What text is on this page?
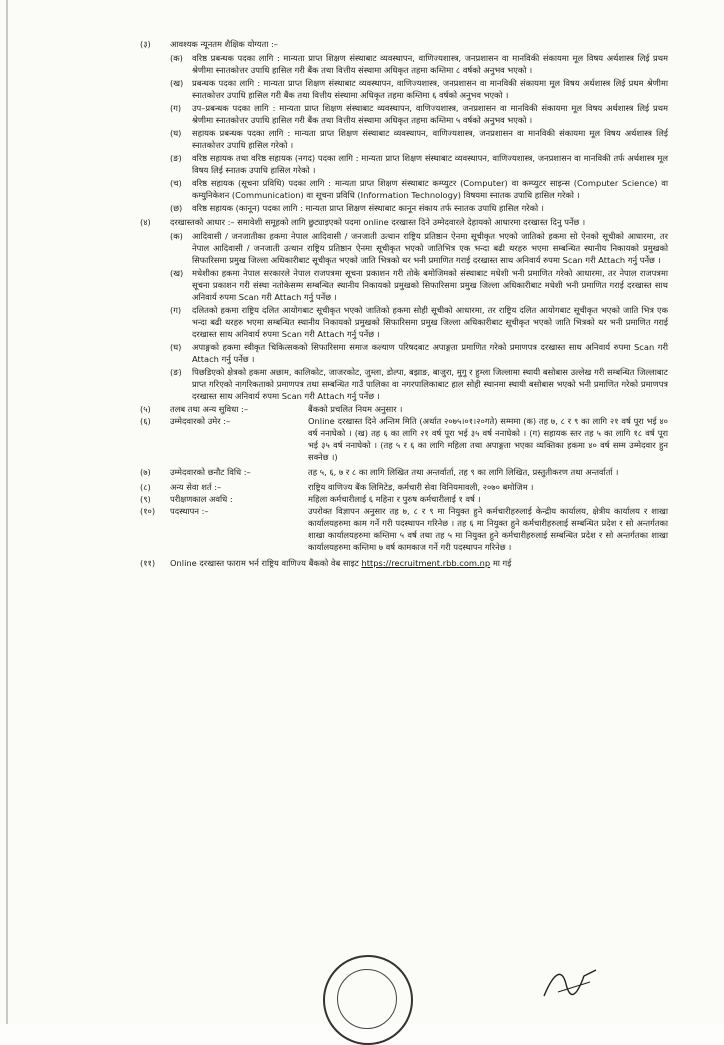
(३) आवश्यक न्यूनतम शैक्षिक योग्यता :–
(क) वरिष्ठ प्रबन्धक पदका लागि : मान्यता प्राप्त शिक्षण संस्थाबाट व्यवस्थापन, वाणिज्यशास्त्र, जनप्रशासन वा मानविकी संकायमा मूल विषय अर्थशास्त्र लिई प्रथम श्रेणीमा स्नातकोत्तर उपाधि हासिल गरी बैंक तथा वित्तीय संस्थामा अधिकृत तहमा कम्तिमा ८ वर्षको अनुभव भएको ।
(ख) प्रबन्धक पदका लागि : मान्यता प्राप्त शिक्षण संस्थाबाट व्यवस्थापन, वाणिज्यशास्त्र, जनप्रशासन वा मानविकी संकायमा मूल विषय अर्थशास्त्र लिई प्रथम श्रेणीमा स्नातकोत्तर उपाधि हासिल गरी बैंक तथा वित्तीय संस्थामा अधिकृत तहमा कम्तिमा ६ वर्षको अनुभव भएको ।
(ग) उप–प्रबन्धक पदका लागि : मान्यता प्राप्त शिक्षण संस्थाबाट व्यवस्थापन, वाणिज्यशास्त्र, जनप्रशासन वा मानविकी संकायमा मूल विषय अर्थशास्त्र लिई प्रथम श्रेणीमा स्नातकोत्तर उपाधि हासिल गरी बैंक तथा वित्तीय संस्थामा अधिकृत तहमा कम्तिमा ५ वर्षको अनुभव भएको ।
(घ) सहायक प्रबन्धक पदका लागि : मान्यता प्राप्त शिक्षण संस्थाबाट व्यवस्थापन, वाणिज्यशास्त्र, जनप्रशासन वा मानविकी संकायमा मूल विषय अर्थशास्त्र लिई स्नातकोत्तर उपाधि हासिल गरेको ।
(ङ) वरिष्ठ सहायक तथा वरिष्ठ सहायक (नगद) पदका लागि : मान्यता प्राप्त शिक्षण संस्थाबाट व्यवस्थापन, वाणिज्यशास्त्र, जनप्रशासन वा मानविकी तर्फ अर्थशास्त्र मूल विषय लिई स्नातक उपाधि हासिल गरेको ।
(च) वरिष्ठ सहायक (सूचना प्रविधि) पदका लागि : मान्यता प्राप्त शिक्षण संस्थाबाट कम्प्युटर (Computer) वा कम्प्युटर साइन्स (Computer Science) वा कम्युनिकेशन (Communication) वा सूचना प्रविधि (Information Technology) विषयमा स्नातक उपाधि हासिल गरेको ।
(छ) वरिष्ठ सहायक (कानून) पदका लागि : मान्यता प्राप्त शिक्षण संस्थाबाट कानून संकाय तर्फ स्नातक उपाधि हासिल गरेको ।
(४) दरखास्तको आधार :– समावेशी समूहको लागि छुट्याइएको पदमा online दरखास्त दिने उम्मेदवारले देहायको आधारमा दरखास्त दिनु पर्नेछ ।
(क) आदिवासी / जनजातीका हकमा नेपाल आदिवासी / जनजाती उत्थान राष्ट्रिय प्रतिष्ठान ऐनमा सूचीकृत भएको जातिको हकमा सो ऐनको सूचीको आधारमा, तर नेपाल आदिवासी / जनजाती उत्थान राष्ट्रिय प्रतिष्ठान ऐनमा सूचीकृत भएको जातिभित्र एक भन्दा बढी थरहरु भएमा सम्बन्धित स्थानीय निकायको प्रमुखको सिफारिसमा प्रमुख जिल्ला अधिकारीबाट सूचीकृत भएको जाति भित्रको थर भनी प्रमाणित गराई दरखास्त साथ अनिवार्य रुपमा Scan गरी Attach गर्नु पर्नेछ ।
(ख) मधेशीका हकमा नेपाल सरकारले नेपाल राजपत्रमा सूचना प्रकाशन गरी तोके बमोजिमको संस्थाबाट मधेशी भनी प्रमाणित गरेको आधारमा, तर नेपाल राजपत्रमा सूचना प्रकाशन गरी संस्था नतोकेसम्म सम्बन्धित स्थानीय निकायको प्रमुखको सिफारिसमा प्रमुख जिल्ला अधिकारीबाट मधेशी भनी प्रमाणित गराई दरखास्त साथ अनिवार्य रुपमा Scan गरी Attach गर्नु पर्नेछ ।
(ग) दलितको हकमा राष्ट्रिय दलित आयोगबाट सूचीकृत भएको जातिको हकमा सोही सूचीको आधारमा, तर राष्ट्रिय दलित आयोगबाट सूचीकृत भएको जाति भित्र एक भन्दा बढी थरहरु भएमा सम्बन्धित स्थानीय निकायको प्रमुखको सिफारिसमा प्रमुख जिल्ला अधिकारीबाट सूचीकृत भएको जाति भित्रको थर भनी प्रमाणित गराई दरखास्त साथ अनिवार्य रुपमा Scan गरी Attach गर्नु पर्नेछ ।
(घ) अपाङ्गको हकमा स्वीकृत चिकित्सकको सिफारिसमा समाज कल्याण परिषदबाट अपाङ्गता प्रमाणित गरेको प्रमाणपत्र दरखास्त साथ अनिवार्य रुपमा Scan गरी Attach गर्नु पर्नेछ ।
(ङ) पिछडिएको क्षेत्रको हकमा अछाम, कालिकोट, जाजरकोट, जुम्ला, डोल्पा, बझाङ, बाजुरा, मुगु र हुम्ला जिल्लामा स्थायी बसोबास उल्लेख गरी सम्बन्धित जिल्लाबाट प्राप्त गरिएको नागरिकताको प्रमाणपत्र तथा सम्बन्धित गाउँ पालिका वा नगरपालिकाबाट हाल सोही स्थानमा स्थायी बसोबास भएको भनी प्रमाणित गरेको प्रमाणपत्र दरखास्त साथ अनिवार्य रुपमा Scan गरी Attach गर्नु पर्नेछ ।
(५)	तलब तथा अन्य सुविधा :–	बैंकको प्रचलित नियम अनुसार ।
(६)	उम्मेदवारको उमेर :–	Online दरखास्त दिने अन्तिम मिति (अर्थात २०७५।०१।२०गते) सम्ममा (क) तह ७, ८ र ९ का लागि २१ वर्ष पूरा भई ४० वर्ष ननाघेको । (ख) तह ६ का लागि २१ वर्ष पूरा भई ३५ वर्ष ननाघेको । (ग) सहायक स्तर तह ५ का लागि १८ वर्ष पूरा भई ३५ वर्ष ननाघेको । (तह ५ र ६ का लागि महिला तथा अपाङ्गता भएका व्यक्तिका हकमा ४० वर्ष सम्म उम्मेदवार हुन सक्नेछ ।)
(७)	उम्मेदवारको छनौट विधि :–	तह ५, ६, ७ र ८ का लागि लिखित तथा अन्तर्वार्ता, तह ९ का लागि लिखित, प्रस्तुतीकरण तथा अन्तर्वार्ता ।
(८)	अन्य सेवा शर्त :–	राष्ट्रिय वाणिज्य बैंक लिमिटेड, कर्मचारी सेवा विनियमावली, २०७० बमोजिम ।
(९)	परीक्षणकाल अवधि :	महिला कर्मचारीलाई ६ महिना र पुरुष कर्मचारीलाई १ वर्ष ।
(१०)	पदस्थापन :–	उपरोक्त विज्ञापन अनुसार तह ७, ८ र ९ मा नियुक्त हुने कर्मचारीहरुलाई केन्द्रीय कार्यालय, क्षेत्रीय कार्यालय र शाखा कार्यालयहरुमा काम गर्ने गरी पदस्थापन गरिनेछ । तह ६ मा नियुक्त हुने कर्मचारीहरुलाई सम्बन्धित प्रदेश र सो अन्तर्गतका शाखा कार्यालयहरुमा कम्तिमा ५ वर्ष तथा तह ५ मा नियुक्त हुने कर्मचारीहरुलाई सम्बन्धित प्रदेश र सो अन्तर्गतका शाखा कार्यालयहरुमा कम्तिमा ७ वर्ष कामकाज गर्ने गरी पदस्थापन गरिनेछ ।
(११)	Online दरखास्त फाराम भर्न राष्ट्रिय वाणिज्य बैंकको वेब साइट https://recruitment.rbb.com.np मा गई
